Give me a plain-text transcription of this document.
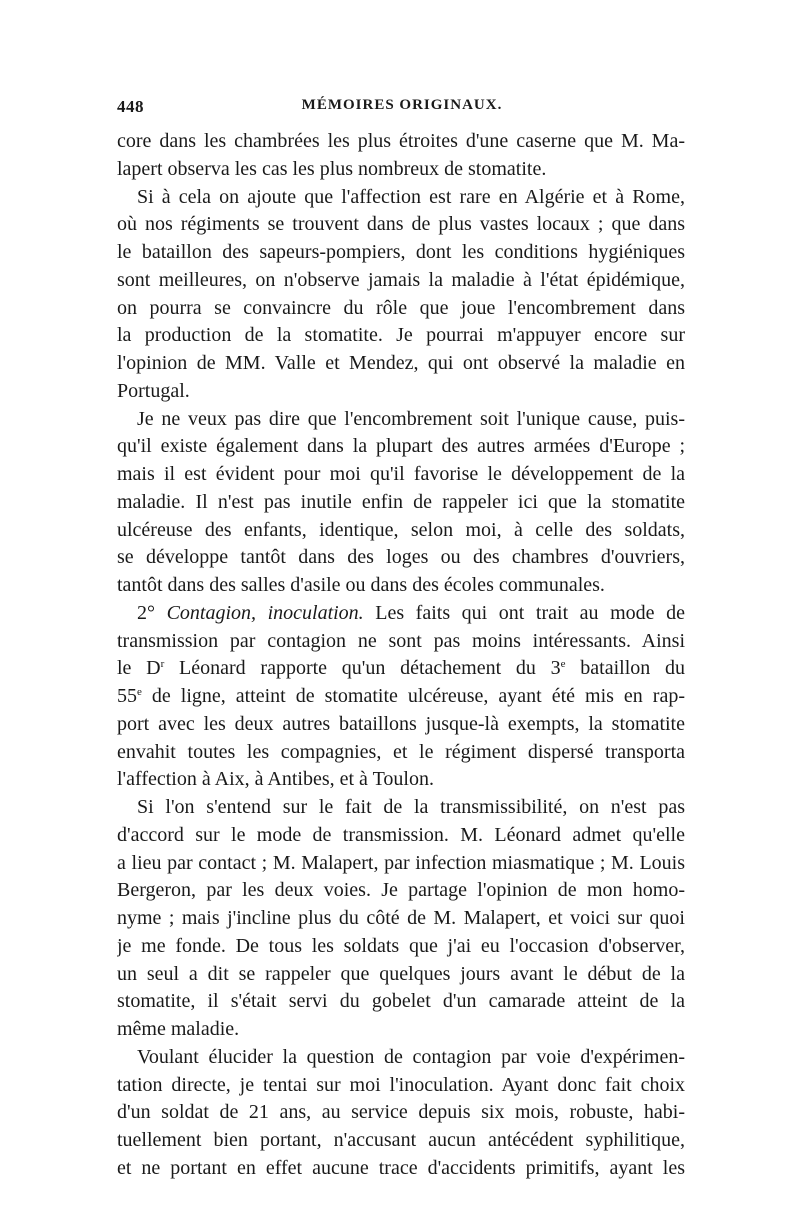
448	MÉMOIRES ORIGINAUX.
core dans les chambrées les plus étroites d'une caserne que M. Ma-
lapert observa les cas les plus nombreux de stomatite.
Si à cela on ajoute que l'affection est rare en Algérie et à Rome,
où nos régiments se trouvent dans de plus vastes locaux ; que dans
le bataillon des sapeurs-pompiers, dont les conditions hygiéniques
sont meilleures, on n'observe jamais la maladie à l'état épidémique,
on pourra se convaincre du rôle que joue l'encombrement dans
la production de la stomatite. Je pourrai m'appuyer encore sur
l'opinion de MM. Valle et Mendez, qui ont observé la maladie en
Portugal.
Je ne veux pas dire que l'encombrement soit l'unique cause, puis-
qu'il existe également dans la plupart des autres armées d'Europe ;
mais il est évident pour moi qu'il favorise le développement de la
maladie. Il n'est pas inutile enfin de rappeler ici que la stomatite
ulcéreuse des enfants, identique, selon moi, à celle des soldats,
se développe tantôt dans des loges ou des chambres d'ouvriers,
tantôt dans des salles d'asile ou dans des écoles communales.
2° Contagion, inoculation. Les faits qui ont trait au mode de
transmission par contagion ne sont pas moins intéressants. Ainsi
le $D^r$ Léonard rapporte qu'un détachement du 3e bataillon du
55e de ligne, atteint de stomatite ulcéreuse, ayant été mis en rap-
port avec les deux autres bataillons jusque-là exempts, la stomatite
envahit toutes les compagnies, et le régiment dispersé transporta
l'affection à Aix, à Antibes, et à Toulon.
Si l'on s'entend sur le fait de la transmissibilité, on n'est pas
d'accord sur le mode de transmission. M. Léonard admet qu'elle
a lieu par contact ; M. Malapert, par infection miasmatique ; M. Louis
Bergeron, par les deux voies. Je partage l'opinion de mon homo-
nyme ; mais j'incline plus du côté de M. Malapert, et voici sur quoi
je me fonde. De tous les soldats que j'ai eu l'occasion d'observer,
un seul a dit se rappeler que quelques jours avant le début de la
stomatite, il s'était servi du gobelet d'un camarade atteint de la
même maladie.
Voulant élucider la question de contagion par voie d'expérimen-
tation directe, je tentai sur moi l'inoculation. Ayant donc fait choix
d'un soldat de 21 ans, au service depuis six mois, robuste, habi-
tuellement bien portant, n'accusant aucun antécédent syphilitique,
et ne portant en effet aucune trace d'accidents primitifs, ayant les
